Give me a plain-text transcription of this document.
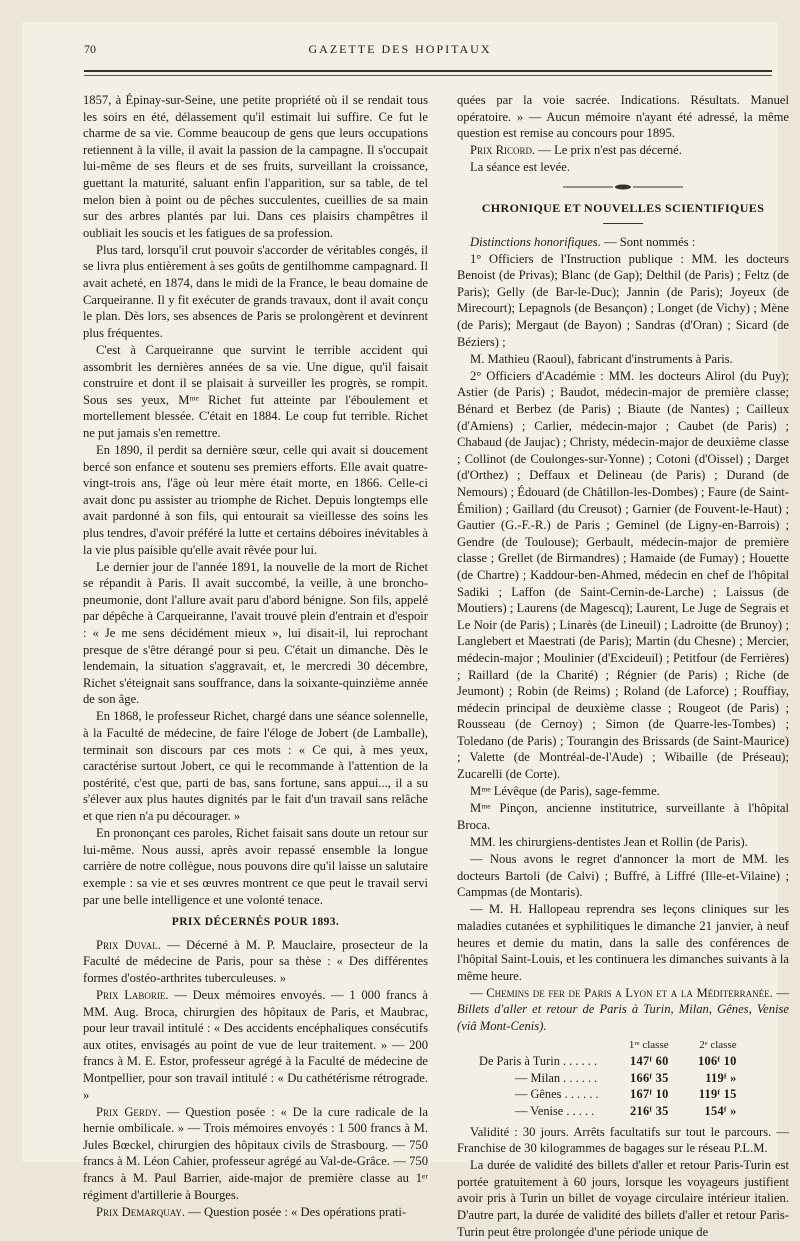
70	GAZETTE DES HOPITAUX

1857, à Épinay-sur-Seine, une petite propriété où il se rendait tous les soirs en été, délassement qu'il estimait lui suffire. Ce fut le charme de sa vie. Comme beaucoup de gens que leurs occupations retiennent à la ville, il avait la passion de la campagne. Il s'occupait lui-même de ses fleurs et de ses fruits, surveillant la croissance, guettant la maturité, saluant enfin l'apparition, sur sa table, de tel melon bien à point ou de pêches succulentes, cueillies de sa main sur des arbres plantés par lui. Dans ces plaisirs champêtres il oubliait les soucis et les fatigues de sa profession.

Plus tard, lorsqu'il crut pouvoir s'accorder de véritables congés, il se livra plus entièrement à ses goûts de gentilhomme campagnard. Il avait acheté, en 1874, dans le midi de la France, le beau domaine de Carqueiranne. Il y fit exécuter de grands travaux, dont il avait conçu le plan. Dès lors, ses absences de Paris se prolongèrent et devinrent plus fréquentes.

C'est à Carqueiranne que survint le terrible accident qui assombrit les dernières années de sa vie. Une digue, qu'il faisait construire et dont il se plaisait à surveiller les progrès, se rompit. Sous ses yeux, Mᵐᵉ Richet fut atteinte par l'éboulement et mortellement blessée. C'était en 1884. Le coup fut terrible. Richet ne put jamais s'en remettre.

En 1890, il perdit sa dernière sœur, celle qui avait si doucement bercé son enfance et soutenu ses premiers efforts. Elle avait quatre-vingt-trois ans, l'âge où leur mère était morte, en 1866. Celle-ci avait donc pu assister au triomphe de Richet. Depuis longtemps elle avait pardonné à son fils, qui entourait sa vieillesse des soins les plus tendres, d'avoir préféré la lutte et certains déboires inévitables à la vie plus paisible qu'elle avait rêvée pour lui.

Le dernier jour de l'année 1891, la nouvelle de la mort de Richet se répandit à Paris. Il avait succombé, la veille, à une broncho-pneumonie, dont l'allure avait paru d'abord bénigne. Son fils, appelé par dépêche à Carqueiranne, l'avait trouvé plein d'entrain et d'espoir : « Je me sens décidément mieux », lui disait-il, lui reprochant presque de s'être dérangé pour si peu. C'était un dimanche. Dès le lendemain, la situation s'aggravait, et, le mercredi 30 décembre, Richet s'éteignait sans souffrance, dans la soixante-quinzième année de son âge.

En 1868, le professeur Richet, chargé dans une séance solennelle, à la Faculté de médecine, de faire l'éloge de Jobert (de Lamballe), terminait son discours par ces mots : « Ce qui, à mes yeux, caractérise surtout Jobert, ce qui le recommande à l'attention de la postérité, c'est que, parti de bas, sans fortune, sans appui..., il a su s'élever aux plus hautes dignités par le fait d'un travail sans relâche et que rien n'a pu décourager. »

En prononçant ces paroles, Richet faisait sans doute un retour sur lui-même. Nous aussi, après avoir repassé ensemble la longue carrière de notre collègue, nous pouvons dire qu'il laisse un salutaire exemple : sa vie et ses œuvres montrent ce que peut le travail servi par une belle intelligence et une volonté tenace.

PRIX DÉCERNÉS POUR 1893.

Prix Duval. — Décerné à M. P. Mauclaire, prosecteur de la Faculté de médecine de Paris, pour sa thèse : « Des différentes formes d'ostéo-arthrites tuberculeuses. »

Prix Laborie. — Deux mémoires envoyés. — 1 000 francs à MM. Aug. Broca, chirurgien des hôpitaux de Paris, et Maubrac, pour leur travail intitulé : « Des accidents encéphaliques consécutifs aux otites, envisagés au point de vue de leur traitement. » — 200 francs à M. E. Estor, professeur agrégé à la Faculté de médecine de Montpellier, pour son travail intitulé : « Du cathétérisme rétrograde. »

Prix Gerdy. — Question posée : « De la cure radicale de la hernie ombilicale. » — Trois mémoires envoyés : 1 500 francs à M. Jules Bœckel, chirurgien des hôpitaux civils de Strasbourg. — 750 francs à M. Léon Cahier, professeur agrégé au Val-de-Grâce. — 750 francs à M. Paul Barrier, aide-major de première classe au 1ᵉʳ régiment d'artillerie à Bourges.

Prix Demarquay. — Question posée : « Des opérations prati-

quées par la voie sacrée. Indications. Résultats. Manuel opératoire. » — Aucun mémoire n'ayant été adressé, la même question est remise au concours pour 1895.

Prix Ricord. — Le prix n'est pas décerné.

La séance est levée.

CHRONIQUE ET NOUVELLES SCIENTIFIQUES

Distinctions honorifiques. — Sont nommés :

1° Officiers de l'Instruction publique : MM. les docteurs Benoist (de Privas); Blanc (de Gap); Delthil (de Paris) ; Feltz (de Paris); Gelly (de Bar-le-Duc); Jannin (de Paris); Joyeux (de Mirecourt); Lepagnols (de Besançon) ; Longet (de Vichy) ; Mène (de Paris); Mergaut (de Bayon) ; Sandras (d'Oran) ; Sicard (de Béziers) ;

M. Mathieu (Raoul), fabricant d'instruments à Paris.

2° Officiers d'Académie : MM. les docteurs Alirol (du Puy); Astier (de Paris) ; Baudot, médecin-major de première classe; Bénard et Berbez (de Paris) ; Biaute (de Nantes) ; Cailleux (d'Amiens) ; Carlier, médecin-major ; Caubet (de Paris) ; Chabaud (de Jaujac) ; Christy, médecin-major de deuxième classe ; Collinot (de Coulonges-sur-Yonne) ; Cotoni (d'Oissel) ; Darget (d'Orthez) ; Deffaux et Delineau (de Paris) ; Durand (de Nemours) ; Édouard (de Châtillon-les-Dombes) ; Faure (de Saint-Émilion) ; Gaillard (du Creusot) ; Garnier (de Fouvent-le-Haut) ; Gautier (G.-F.-R.) de Paris ; Geminel (de Ligny-en-Barrois) ; Gendre (de Toulouse); Gerbault, médecin-major de première classe ; Grellet (de Birmandres) ; Hamaide (de Fumay) ; Houette (de Chartre) ; Kaddour-ben-Ahmed, médecin en chef de l'hôpital Sadiki ; Laffon (de Saint-Cernin-de-Larche) ; Laissus (de Moutiers) ; Laurens (de Magescq); Laurent, Le Juge de Segrais et Le Noir (de Paris) ; Linarès (de Lineuil) ; Ladroitte (de Brunoy) ; Langlebert et Maestrati (de Paris); Martin (du Chesne) ; Mercier, médecin-major ; Moulinier (d'Excideuil) ; Petitfour (de Ferrières) ; Raillard (de la Charité) ; Régnier (de Paris) ; Riche (de Jeumont) ; Robin (de Reims) ; Roland (de Laforce) ; Rouffiay, médecin principal de deuxième classe ; Rougeot (de Paris) ; Rousseau (de Cernoy) ; Simon (de Quarre-les-Tombes) ; Toledano (de Paris) ; Tourangin des Brissards (de Saint-Maurice) ; Valette (de Montréal-de-l'Aude) ; Wibaille (de Préseau); Zucarelli (de Corte).

Mᵐᵉ Lévêque (de Paris), sage-femme.

Mᵐᵉ Pinçon, ancienne institutrice, surveillante à l'hôpital Broca.

MM. les chirurgiens-dentistes Jean et Rollin (de Paris).

— Nous avons le regret d'annoncer la mort de MM. les docteurs Bartoli (de Calvi) ; Buffré, à Liffré (Ille-et-Vilaine) ; Campmas (de Montaris).

— M. H. Hallopeau reprendra ses leçons cliniques sur les maladies cutanées et syphilitiques le dimanche 21 janvier, à neuf heures et demie du matin, dans la salle des conférences de l'hôpital Saint-Louis, et les continuera les dimanches suivants à la même heure.

— Chemins de fer de Paris a Lyon et a la Méditerranée. — Billets d'aller et retour de Paris à Turin, Milan, Gênes, Venise (viâ Mont-Cenis).

	1ʳᵉ classe	2ᵉ classe
De Paris à Turin . . . . . .	147ᶠ 60	106ᶠ 10
— Milan . . . . . .	166ᶠ 35	119ᶠ »
— Gênes . . . . . .	167ᶠ 10	119ᶠ 15
— Venise . . . . .	216ᶠ 35	154ᶠ »

Validité : 30 jours. Arrêts facultatifs sur tout le parcours. — Franchise de 30 kilogrammes de bagages sur le réseau P.L.M.

La durée de validité des billets d'aller et retour Paris-Turin est portée gratuitement à 60 jours, lorsque les voyageurs justifient avoir pris à Turin un billet de voyage circulaire intérieur italien. D'autre part, la durée de validité des billets d'aller et retour Paris-Turin peut être prolongée d'une période unique de
